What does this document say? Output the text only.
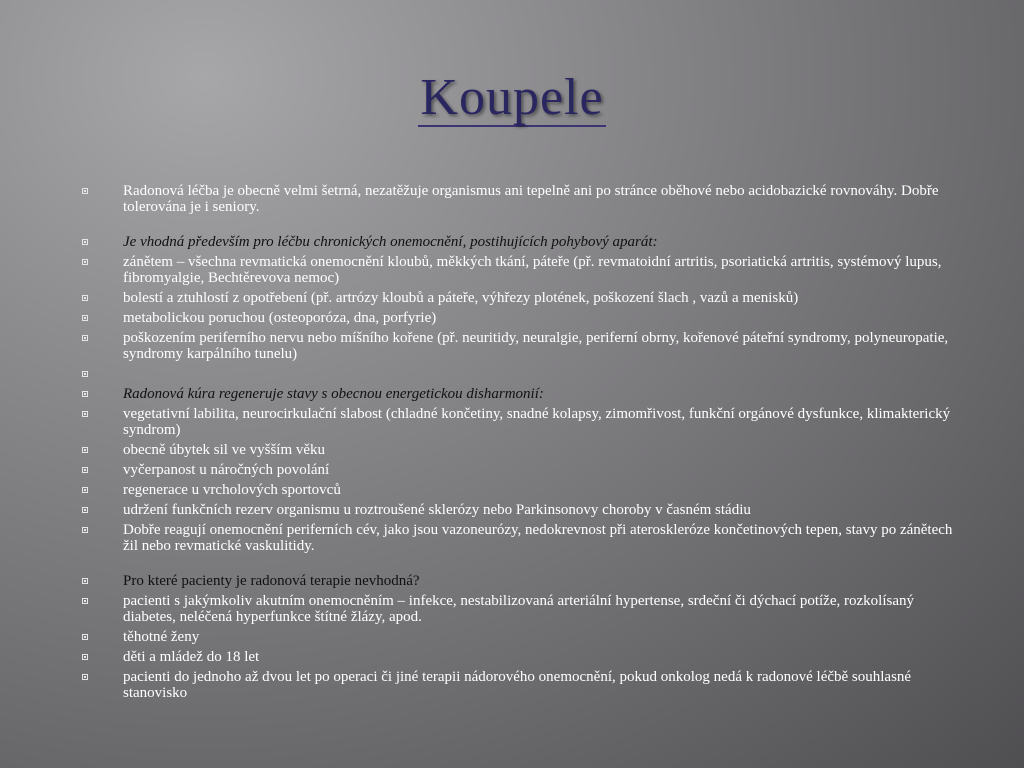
Koupele
Radonová léčba je obecně velmi šetrná, nezatěžuje organismus ani tepelně ani po stránce oběhové nebo acidobazické rovnováhy. Dobře tolerována je i seniory.
Je vhodná především pro léčbu chronických onemocnění, postihujících pohybový aparát:
zánětem – všechna revmatická onemocnění kloubů, měkkých tkání, páteře (př. revmatoidní artritis, psoriatická artritis, systémový lupus, fibromyalgie, Bechtěrevova nemoc)
bolestí a ztuhlostí z opotřebení (př. artrózy kloubů a páteře, výhřezy plotének, poškození šlach , vazů a menisků)
metabolickou poruchou (osteoporóza, dna, porfyrie)
poškozením periferního nervu nebo míšního kořene (př. neuritidy, neuralgie, periferní obrny, kořenové páteřní syndromy, polyneuropatie, syndromy karpálního tunelu)

Radonová kúra regeneruje stavy s obecnou energetickou disharmonií:
vegetativní labilita, neurocirkulační slabost (chladné končetiny, snadné kolapsy, zimomřivost, funkční orgánové dysfunkce, klimakterický syndrom)
obecně úbytek sil ve vyšším věku
vyčerpanost u náročných povolání
regenerace u vrcholových sportovců
udržení funkčních rezerv organismu u roztroušené sklerózy nebo Parkinsonovy choroby v časném stádiu
Dobře reagují onemocnění periferních cév, jako jsou vazoneurózy, nedokrevnost při ateroskleróze končetinových tepen, stavy po zánětech žil nebo revmatické vaskulitidy.
Pro které pacienty je radonová terapie nevhodná?
pacienti s jakýmkoliv akutním onemocněním – infekce, nestabilizovaná arteriální hypertense, srdeční či dýchací potíže, rozkolísaný diabetes, neléčená hyperfunkce štítné žlázy, apod.
těhotné ženy
děti a mládež do 18 let
pacienti do jednoho až dvou let po operaci či jiné terapii nádorového onemocnění, pokud onkolog nedá k radonové léčbě souhlasné stanovisko
